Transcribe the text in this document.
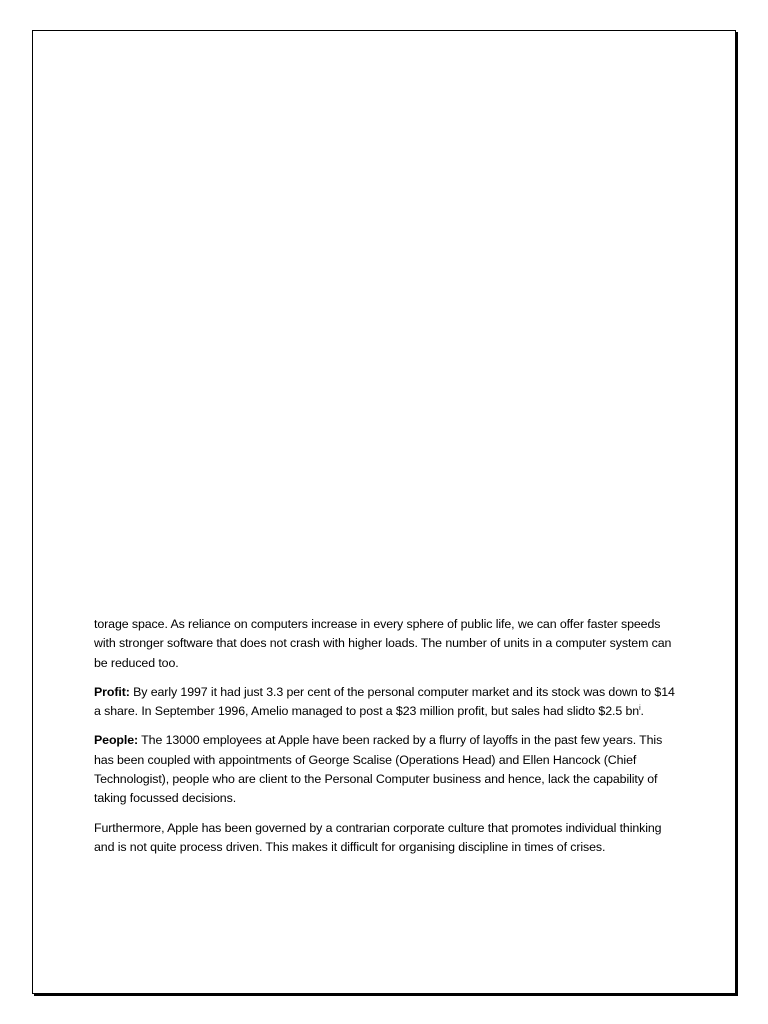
torage space. As reliance on computers increase in every sphere of public life, we can offer faster speeds with stronger software that does not crash with higher loads. The number of units in a computer system can be reduced too.

Profit: By early 1997 it had just 3.3 per cent of the personal computer market and its stock was down to $14 a share. In September 1996, Amelio managed to post a $23 million profit, but sales had slidto $2.5 $bn^i$.

People: The 13000 employees at Apple have been racked by a flurry of layoffs in the past few years. This has been coupled with appointments of George Scalise (Operations Head) and Ellen Hancock (Chief Technologist), people who are client to the Personal Computer business and hence, lack the capability of taking focussed decisions.

Furthermore, Apple has been governed by a contrarian corporate culture that promotes individual thinking and is not quite process driven. This makes it difficult for organising discipline in times of crises.
